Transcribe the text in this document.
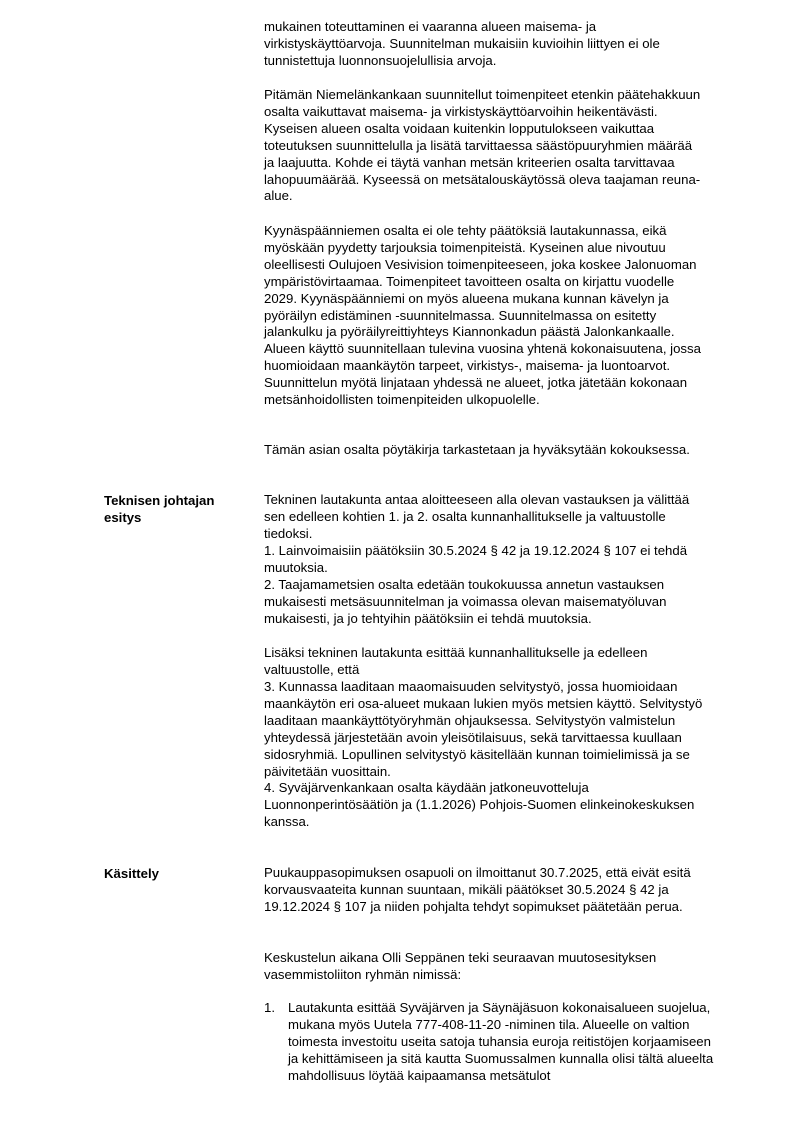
mukainen toteuttaminen ei vaaranna alueen maisema- ja virkistyskäyttöarvoja. Suunnitelman mukaisiin kuvioihin liittyen ei ole tunnistettuja luonnonsuojelullisia arvoja.

Pitämän Niemelänkankaan suunnitellut toimenpiteet etenkin päätehakkuun osalta vaikuttavat maisema- ja virkistyskäyttöarvoihin heikentävästi. Kyseisen alueen osalta voidaan kuitenkin lopputulokseen vaikuttaa toteutuksen suunnittelulla ja lisätä tarvittaessa säästöpuuryhmien määrää ja laajuutta. Kohde ei täytä vanhan metsän kriteerien osalta tarvittavaa lahopuumäärää. Kyseessä on metsätalouskäytössä oleva taajaman reuna-alue.

Kyynäspäänniemen osalta ei ole tehty päätöksiä lautakunnassa, eikä myöskään pyydetty tarjouksia toimenpiteistä. Kyseinen alue nivoutuu oleellisesti Oulujoen Vesivision toimenpiteeseen, joka koskee Jalonuoman ympäristövirtaamaa. Toimenpiteet tavoitteen osalta on kirjattu vuodelle 2029. Kyynäspäänniemi on myös alueena mukana kunnan kävelyn ja pyöräilyn edistäminen -suunnitelmassa. Suunnitelmassa on esitetty jalankulku ja pyöräilyreittiyhteys Kiannonkadun päästä Jalonkankaalle. Alueen käyttö suunnitellaan tulevina vuosina yhtenä kokonaisuutena, jossa huomioidaan maankäytön tarpeet, virkistys-, maisema- ja luontoarvot. Suunnittelun myötä linjataan yhdessä ne alueet, jotka jätetään kokonaan metsänhoidollisten toimenpiteiden ulkopuolelle.

Tämän asian osalta pöytäkirja tarkastetaan ja hyväksytään kokouksessa.

Teknisen johtajan esitys

Tekninen lautakunta antaa aloitteeseen alla olevan vastauksen ja välittää sen edelleen kohtien 1. ja 2. osalta kunnanhallitukselle ja valtuustolle tiedoksi.

1. Lainvoimaisiin päätöksiin 30.5.2024 § 42 ja 19.12.2024 § 107 ei tehdä muutoksia.

2. Taajamametsien osalta edetään toukokuussa annetun vastauksen mukaisesti metsäsuunnitelman ja voimassa olevan maisematyöluvan mukaisesti, ja jo tehtyihin päätöksiin ei tehdä muutoksia.

Lisäksi tekninen lautakunta esittää kunnanhallitukselle ja edelleen valtuustolle, että

3. Kunnassa laaditaan maaomaisuuden selvitystyö, jossa huomioidaan maankäytön eri osa-alueet mukaan lukien myös metsien käyttö. Selvitystyö laaditaan maankäyttötyöryhmän ohjauksessa. Selvitystyön valmistelun yhteydessä järjestetään avoin yleisötilaisuus, sekä tarvittaessa kuullaan sidosryhmiä. Lopullinen selvitystyö käsitellään kunnan toimielimissä ja se päivitetään vuosittain.

4. Syväjärvenkankaan osalta käydään jatkoneuvotteluja Luonnonperintösäätiön ja (1.1.2026) Pohjois-Suomen elinkeinokeskuksen kanssa.

Käsittely	Puukauppasopimuksen osapuoli on ilmoittanut 30.7.2025, että eivät esitä korvausvaateita kunnan suuntaan, mikäli päätökset 30.5.2024 § 42 ja 19.12.2024 § 107 ja niiden pohjalta tehdyt sopimukset päätetään perua.

Keskustelun aikana Olli Seppänen teki seuraavan muutosesityksen vasemmistoliiton ryhmän nimissä:

1. Lautakunta esittää Syväjärven ja Säynäjäsuon kokonaisalueen suojelua, mukana myös Uutela 777-408-11-20 -niminen tila. Alueelle on valtion toimesta investoitu useita satoja tuhansia euroja reitistöjen korjaamiseen ja kehittämiseen ja sitä kautta Suomussalmen kunnalla olisi tältä alueelta mahdollisuus löytää kaipaamansa metsätulot
